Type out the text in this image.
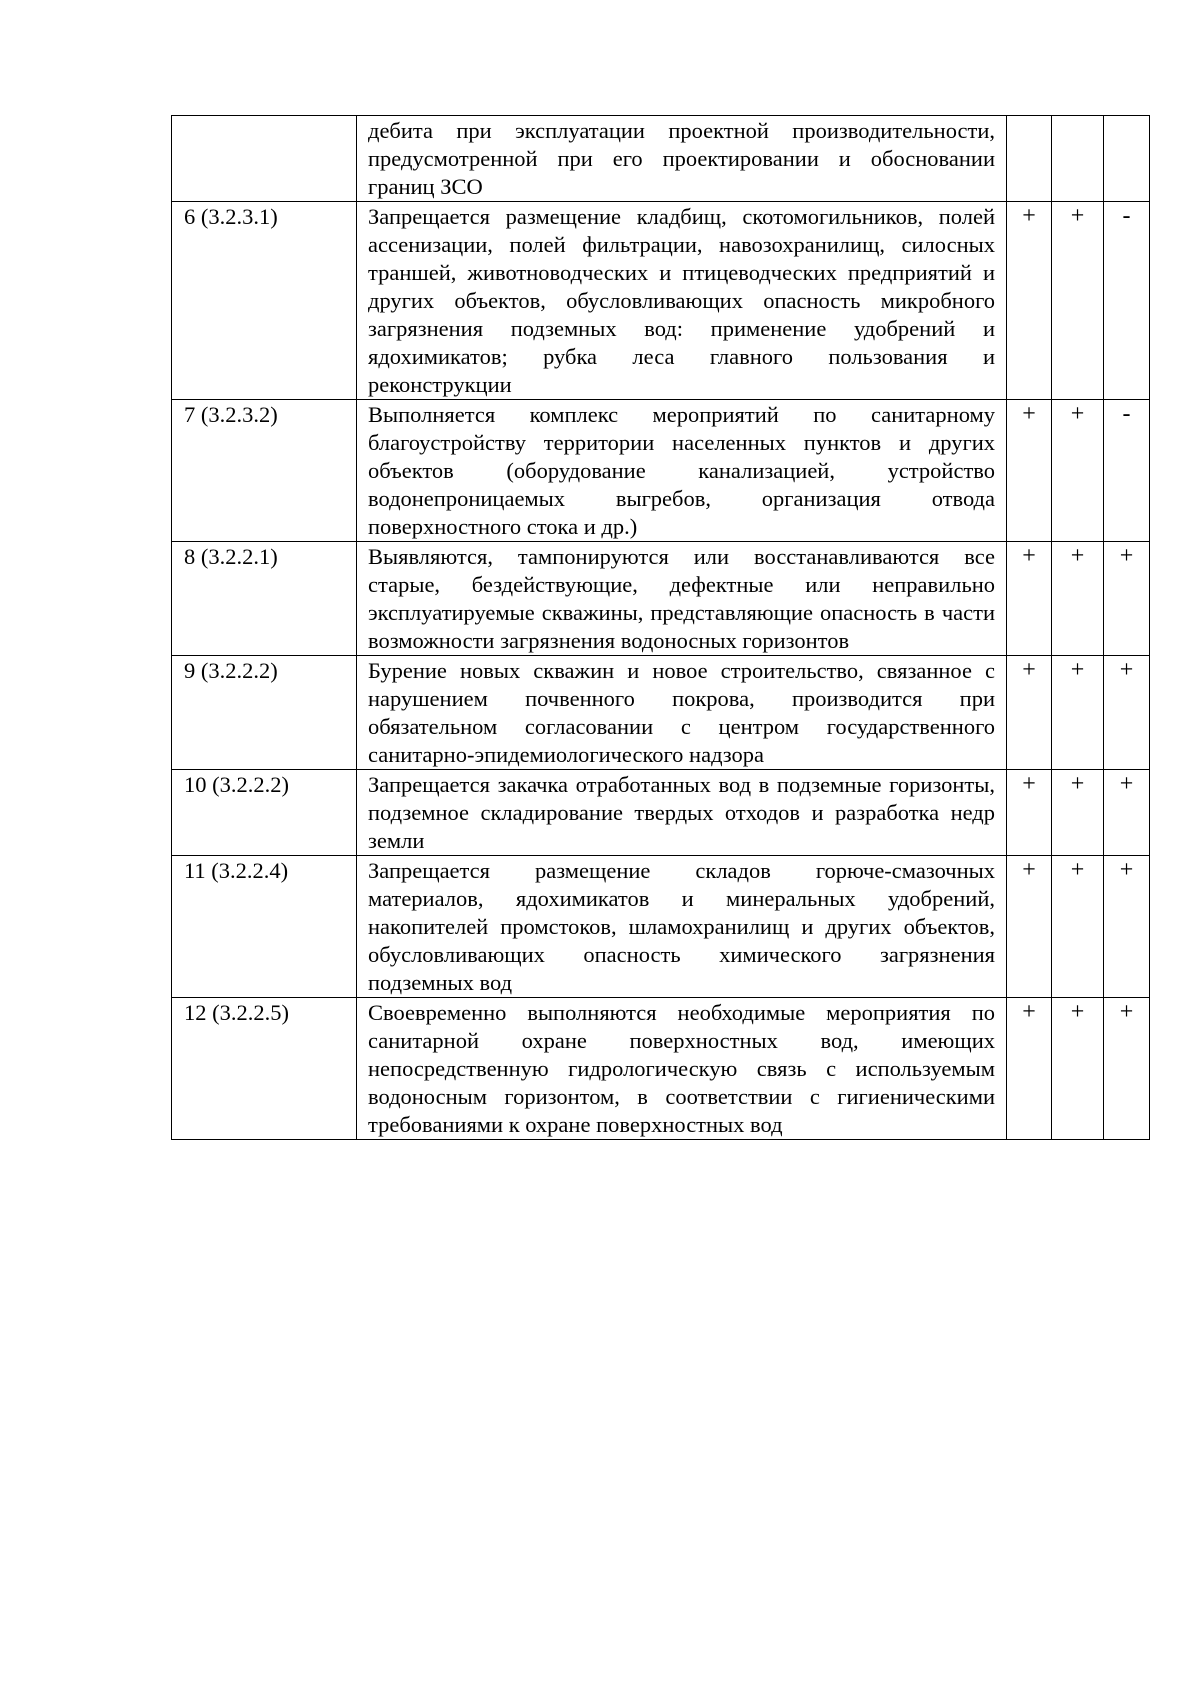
	дебита при эксплуатации проектной производительности, предусмотренной при его проектировании и обосновании границ ЗСО			
6 (3.2.3.1)	Запрещается размещение кладбищ, скотомогильников, полей ассенизации, полей фильтрации, навозохранилищ, силосных траншей, животноводческих и птицеводческих предприятий и других объектов, обусловливающих опасность микробного загрязнения подземных вод: применение удобрений и ядохимикатов; рубка леса главного пользования и реконструкции	+	+	-
7 (3.2.3.2)	Выполняется комплекс мероприятий по санитарному благоустройству территории населенных пунктов и других объектов (оборудование канализацией, устройство водонепроницаемых выгребов, организация отвода поверхностного стока и др.)	+	+	-
8 (3.2.2.1)	Выявляются, тампонируются или восстанавливаются все старые, бездействующие, дефектные или неправильно эксплуатируемые скважины, представляющие опасность в части возможности загрязнения водоносных горизонтов	+	+	+
9 (3.2.2.2)	Бурение новых скважин и новое строительство, связанное с нарушением почвенного покрова, производится при обязательном согласовании с центром государственного санитарно-эпидемиологического надзора	+	+	+
10 (3.2.2.2)	Запрещается закачка отработанных вод в подземные горизонты, подземное складирование твердых отходов и разработка недр земли	+	+	+
11 (3.2.2.4)	Запрещается размещение складов горюче-смазочных материалов, ядохимикатов и минеральных удобрений, накопителей промстоков, шламохранилищ и других объектов, обусловливающих опасность химического загрязнения подземных вод	+	+	+
12 (3.2.2.5)	Своевременно выполняются необходимые мероприятия по санитарной охране поверхностных вод, имеющих непосредственную гидрологическую связь с используемым водоносным горизонтом, в соответствии с гигиеническими требованиями к охране поверхностных вод	+	+	+
